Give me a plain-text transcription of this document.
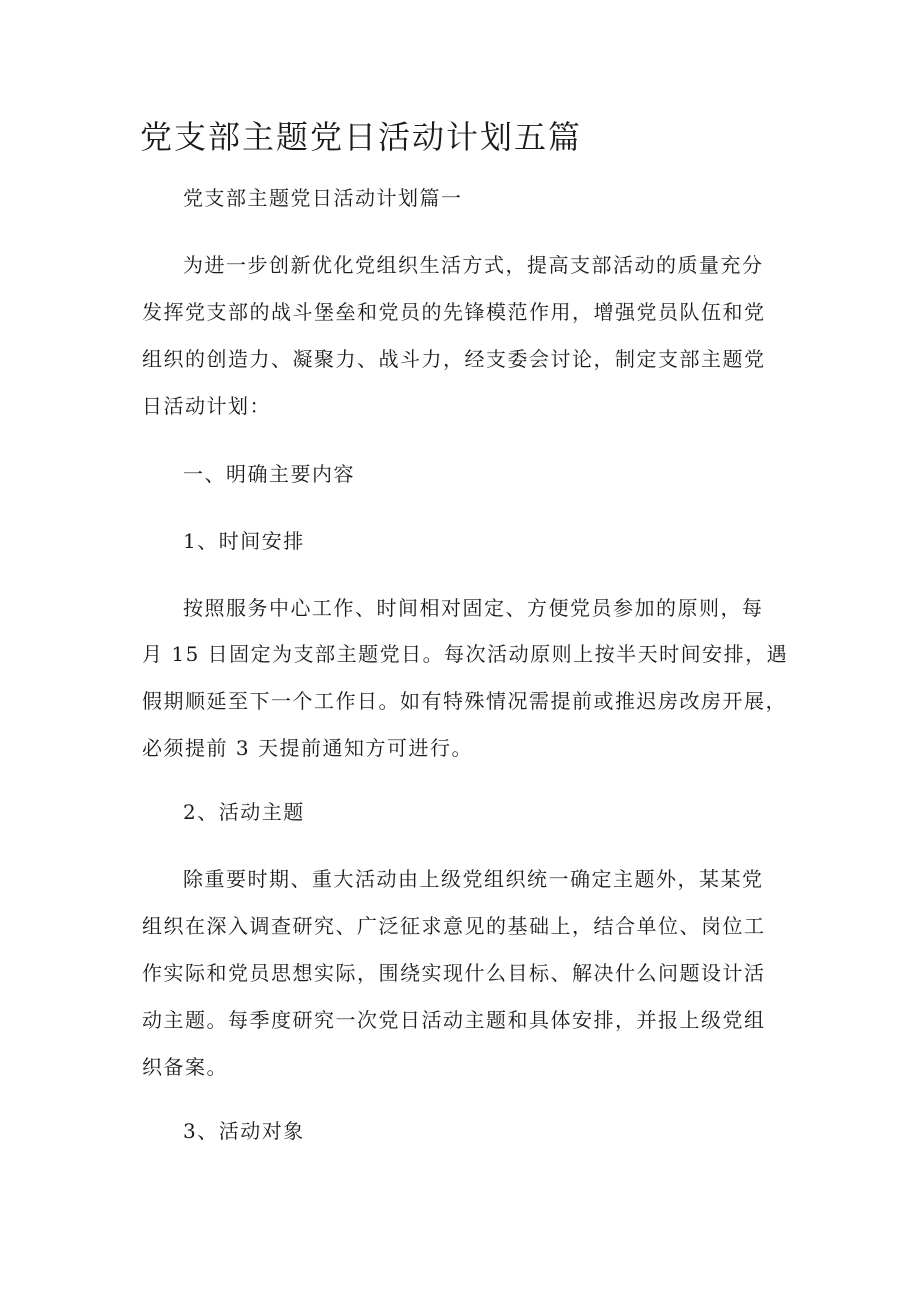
党支部主题党日活动计划五篇
党支部主题党日活动计划篇一
为进一步创新优化党组织生活方式，提高支部活动的质量充分
发挥党支部的战斗堡垒和党员的先锋模范作用，增强党员队伍和党
组织的创造力、凝聚力、战斗力，经支委会讨论，制定支部主题党
日活动计划：
一、明确主要内容
1、时间安排
按照服务中心工作、时间相对固定、方便党员参加的原则，每
月 15 日固定为支部主题党日。每次活动原则上按半天时间安排，遇
假期顺延至下一个工作日。如有特殊情况需提前或推迟房改房开展，
必须提前 3 天提前通知方可进行。
2、活动主题
除重要时期、重大活动由上级党组织统一确定主题外，某某党
组织在深入调查研究、广泛征求意见的基础上，结合单位、岗位工
作实际和党员思想实际，围绕实现什么目标、解决什么问题设计活
动主题。每季度研究一次党日活动主题和具体安排，并报上级党组
织备案。
3、活动对象
